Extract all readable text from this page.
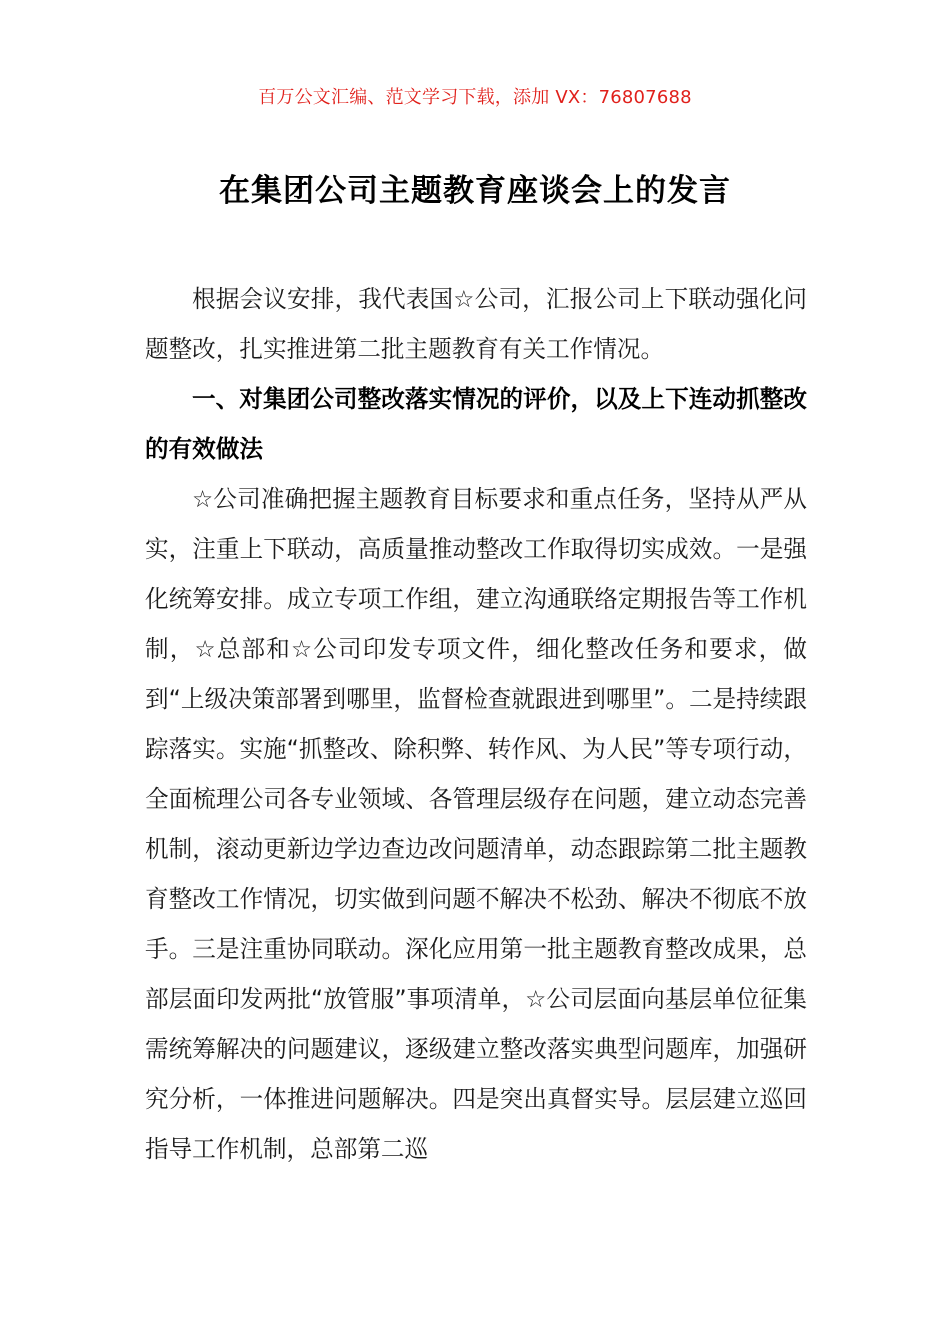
百万公文汇编、范文学习下载，添加 VX：76807688
在集团公司主题教育座谈会上的发言

根据会议安排，我代表国☆公司，汇报公司上下联动强化问题整改，扎实推进第二批主题教育有关工作情况。

一、对集团公司整改落实情况的评价，以及上下连动抓整改的有效做法

☆公司准确把握主题教育目标要求和重点任务，坚持从严从实，注重上下联动，高质量推动整改工作取得切实成效。一是强化统筹安排。成立专项工作组，建立沟通联络定期报告等工作机制，☆总部和☆公司印发专项文件，细化整改任务和要求，做到“上级决策部署到哪里，监督检查就跟进到哪里”。二是持续跟踪落实。实施“抓整改、除积弊、转作风、为人民”等专项行动，全面梳理公司各专业领域、各管理层级存在问题，建立动态完善机制，滚动更新边学边查边改问题清单，动态跟踪第二批主题教育整改工作情况，切实做到问题不解决不松劲、解决不彻底不放手。三是注重协同联动。深化应用第一批主题教育整改成果，总部层面印发两批“放管服”事项清单，☆公司层面向基层单位征集需统筹解决的问题建议，逐级建立整改落实典型问题库，加强研究分析，一体推进问题解决。四是突出真督实导。层层建立巡回指导工作机制，总部第二巡
